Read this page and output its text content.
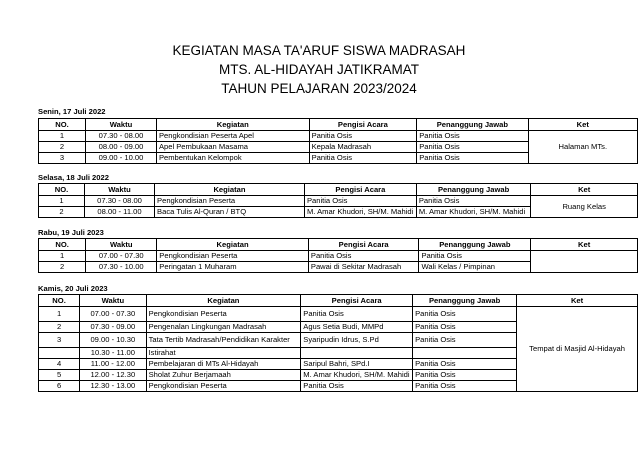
KEGIATAN MASA TA'ARUF SISWA MADRASAH
MTS. AL-HIDAYAH JATIKRAMAT
TAHUN PELAJARAN 2023/2024
Senin, 17 Juli 2022
NO.	Waktu	Kegiatan	Pengisi Acara	Penanggung Jawab	Ket
1	07.30 - 08.00	Pengkondisian Peserta Apel	Panitia Osis	Panitia Osis	Halaman MTs.
2	08.00 - 09.00	Apel Pembukaan Masama	Kepala Madrasah	Panitia Osis	
3	09.00 - 10.00	Pembentukan Kelompok	Panitia Osis	Panitia Osis	
Selasa, 18 Juli 2022
NO.	Waktu	Kegiatan	Pengisi Acara	Penanggung Jawab	Ket
1	07.30 - 08.00	Pengkondisian Peserta	Panitia Osis	Panitia Osis	Ruang Kelas
2	08.00 - 11.00	Baca Tulis Al-Quran / BTQ	M. Amar Khudori, SH/M. Mahidi	M. Amar Khudori, SH/M. Mahidi	
Rabu, 19 Juli 2023
NO.	Waktu	Kegiatan	Pengisi Acara	Penanggung Jawab	Ket
1	07.00 - 07.30	Pengkondisian Peserta	Panitia Osis	Panitia Osis	
2	07.30 - 10.00	Peringatan 1 Muharam	Pawai di Sekitar Madrasah	Wali Kelas / Pimpinan	
Kamis, 20 Juli 2023
NO.	Waktu	Kegiatan	Pengisi Acara	Penanggung Jawab	Ket
1	07.00 - 07.30	Pengkondisian Peserta	Panitia Osis	Panitia Osis	Tempat di Masjid Al-Hidayah
2	07.30 - 09.00	Pengenalan Lingkungan Madrasah	Agus Setia Budi, MMPd	Panitia Osis	
3	09.00 - 10.30	Tata Tertib Madrasah/Pendidikan Karakter	Syaripudin Idrus, S.Pd	Panitia Osis	
	10.30 - 11.00	Istirahat			
4	11.00 - 12.00	Pembelajaran di MTs Al-Hidayah	Saripul Bahri, SPd.I	Panitia Osis	
5	12.00 - 12.30	Sholat Zuhur Berjamaah	M. Amar Khudori, SH/M. Mahidi	Panitia Osis	
6	12.30 - 13.00	Pengkondisian Peserta	Panitia Osis	Panitia Osis	
